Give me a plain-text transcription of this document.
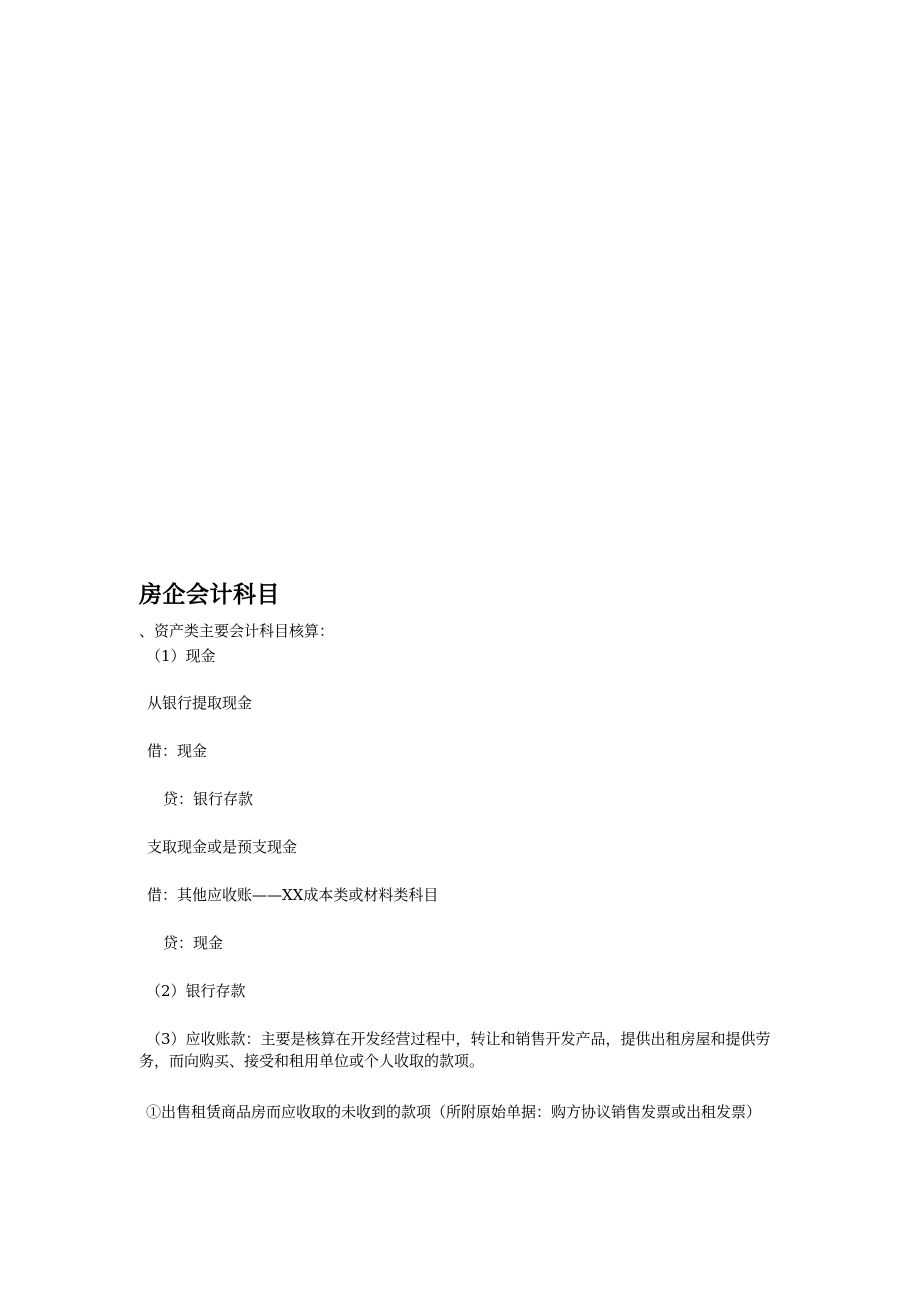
房企会计科目
、资产类主要会计科目核算：
（1）现金
从银行提取现金
借：现金
贷：银行存款
支取现金或是预支现金
借：其他应收账——XX成本类或材料类科目
贷：现金
（2）银行存款
（3）应收账款：主要是核算在开发经营过程中，转让和销售开发产品，提供出租房屋和提供劳务，而向购买、接受和租用单位或个人收取的款项。
①出售租赁商品房而应收取的未收到的款项（所附原始单据：购方协议销售发票或出租发票）
